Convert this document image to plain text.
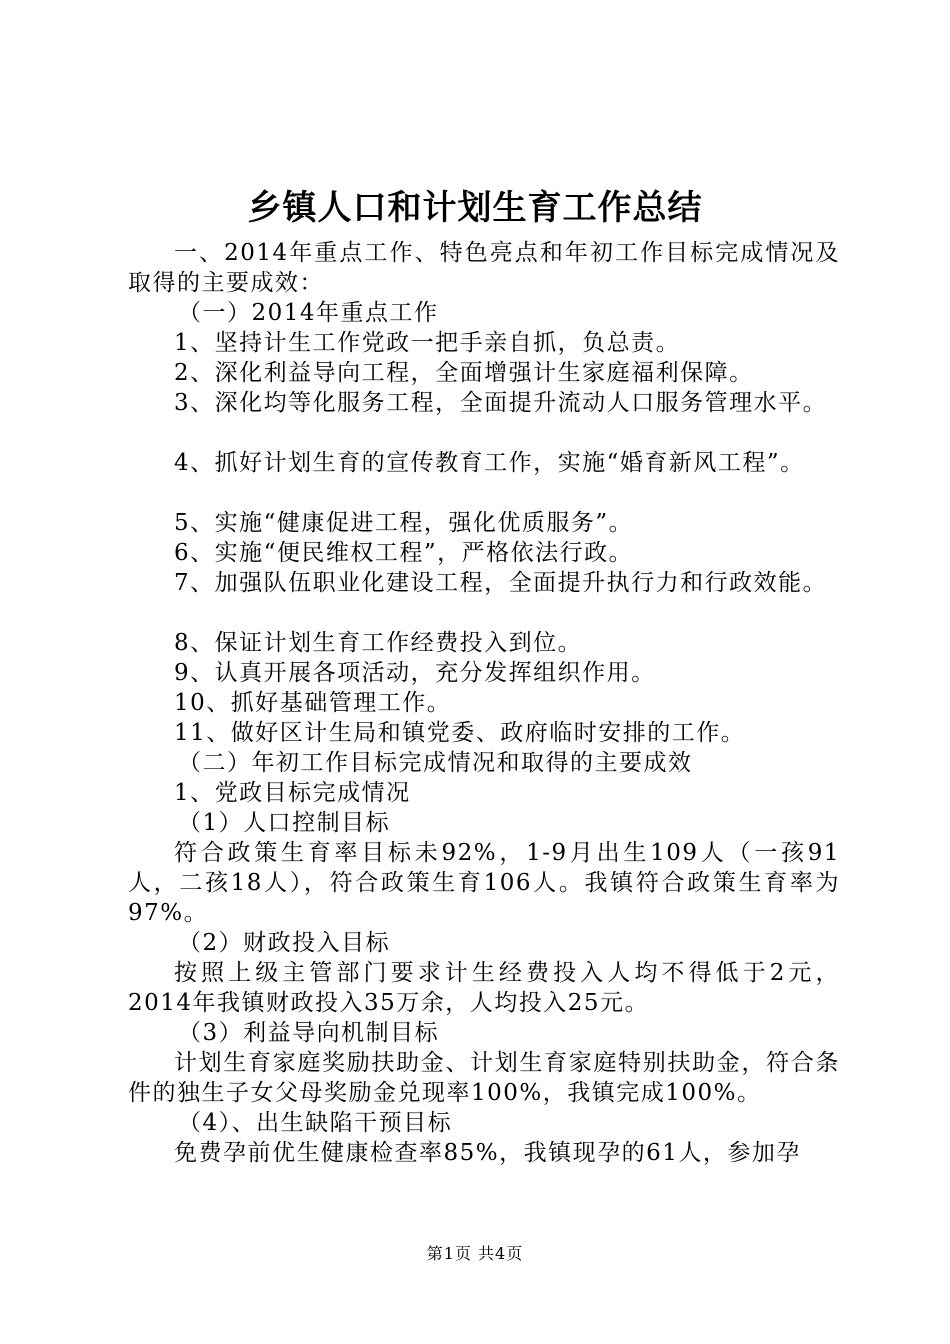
乡镇人口和计划生育工作总结

一、2014年重点工作、特色亮点和年初工作目标完成情况及取得的主要成效：

（一）2014年重点工作

1、坚持计生工作党政一把手亲自抓，负总责。

2、深化利益导向工程，全面增强计生家庭福利保障。

3、深化均等化服务工程，全面提升流动人口服务管理水平。

4、抓好计划生育的宣传教育工作，实施“婚育新风工程”。

5、实施“健康促进工程，强化优质服务”。

6、实施“便民维权工程”，严格依法行政。

7、加强队伍职业化建设工程，全面提升执行力和行政效能。

8、保证计划生育工作经费投入到位。

9、认真开展各项活动，充分发挥组织作用。

10、抓好基础管理工作。

11、做好区计生局和镇党委、政府临时安排的工作。

（二）年初工作目标完成情况和取得的主要成效

1、党政目标完成情况

（1）人口控制目标

符合政策生育率目标未92%，1-9月出生109人（一孩91人，二孩18人），符合政策生育106人。我镇符合政策生育率为97%。

（2）财政投入目标

按照上级主管部门要求计生经费投入人均不得低于2元，2014年我镇财政投入35万余，人均投入25元。

（3）利益导向机制目标

计划生育家庭奖励扶助金、计划生育家庭特别扶助金，符合条件的独生子女父母奖励金兑现率100%，我镇完成100%。

（4）、出生缺陷干预目标

免费孕前优生健康检查率85%，我镇现孕的61人，参加孕

第1页 共4页
